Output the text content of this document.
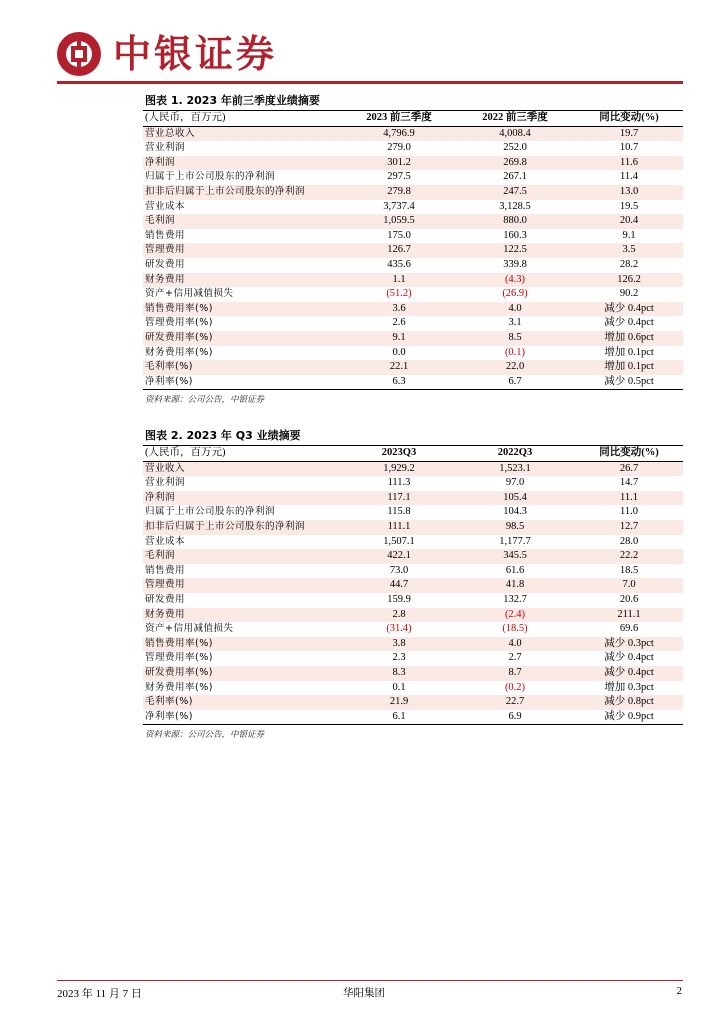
中银证券
图表 1. 2023 年前三季度业绩摘要
(人民币，百万元)	2023 前三季度	2022 前三季度	同比变动(%)
营业总收入	4,796.9	4,008.4	19.7
营业利润	279.0	252.0	10.7
净利润	301.2	269.8	11.6
归属于上市公司股东的净利润	297.5	267.1	11.4
扣非后归属于上市公司股东的净利润	279.8	247.5	13.0
营业成本	3,737.4	3,128.5	19.5
毛利润	1,059.5	880.0	20.4
销售费用	175.0	160.3	9.1
管理费用	126.7	122.5	3.5
研发费用	435.6	339.8	28.2
财务费用	1.1	(4.3)	126.2
资产+信用减值损失	(51.2)	(26.9)	90.2
销售费用率(%)	3.6	4.0	减少 0.4pct
管理费用率(%)	2.6	3.1	减少 0.4pct
研发费用率(%)	9.1	8.5	增加 0.6pct
财务费用率(%)	0.0	(0.1)	增加 0.1pct
毛利率(%)	22.1	22.0	增加 0.1pct
净利率(%)	6.3	6.7	减少 0.5pct
资料来源：公司公告，中银证券
图表 2. 2023 年 Q3 业绩摘要
(人民币，百万元)	2023Q3	2022Q3	同比变动(%)
营业收入	1,929.2	1,523.1	26.7
营业利润	111.3	97.0	14.7
净利润	117.1	105.4	11.1
归属于上市公司股东的净利润	115.8	104.3	11.0
扣非后归属于上市公司股东的净利润	111.1	98.5	12.7
营业成本	1,507.1	1,177.7	28.0
毛利润	422.1	345.5	22.2
销售费用	73.0	61.6	18.5
管理费用	44.7	41.8	7.0
研发费用	159.9	132.7	20.6
财务费用	2.8	(2.4)	211.1
资产+信用减值损失	(31.4)	(18.5)	69.6
销售费用率(%)	3.8	4.0	减少 0.3pct
管理费用率(%)	2.3	2.7	减少 0.4pct
研发费用率(%)	8.3	8.7	减少 0.4pct
财务费用率(%)	0.1	(0.2)	增加 0.3pct
毛利率(%)	21.9	22.7	减少 0.8pct
净利率(%)	6.1	6.9	减少 0.9pct
资料来源：公司公告，中银证券
2023 年 11 月 7 日	华阳集团	2
